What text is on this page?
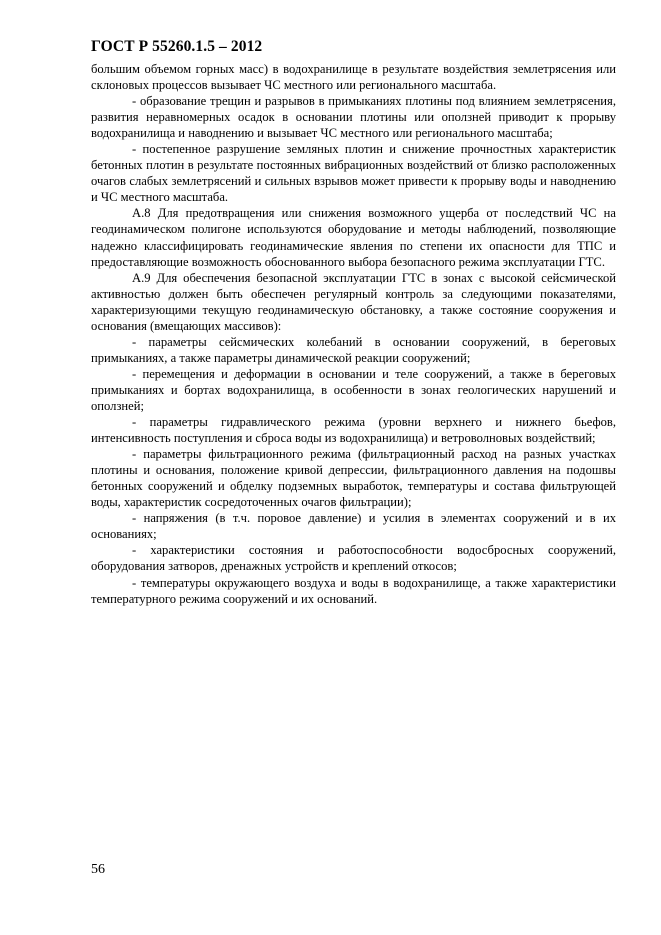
ГОСТ Р 55260.1.5 – 2012

большим объемом горных масс) в водохранилище в результате воздействия землетрясения или склоновых процессов вызывает ЧС местного или регионального масштаба.

- образование трещин и разрывов в примыканиях плотины под влиянием землетрясения, развития неравномерных осадок в основании плотины или оползней приводит к прорыву водохранилища и наводнению и вызывает ЧС местного или регионального масштаба;

- постепенное разрушение земляных плотин и снижение прочностных характеристик бетонных плотин в результате постоянных вибрационных воздействий от близко расположенных очагов слабых землетрясений и сильных взрывов может привести к прорыву воды и наводнению и ЧС местного масштаба.

А.8 Для предотвращения или снижения возможного ущерба от последствий ЧС на геодинамическом полигоне используются оборудование и методы наблюдений, позволяющие надежно классифицировать геодинамические явления по степени их опасности для ТПС и предоставляющие возможность обоснованного выбора безопасного режима эксплуатации ГТС.

А.9 Для обеспечения безопасной эксплуатации ГТС в зонах с высокой сейсмической активностью должен быть обеспечен регулярный контроль за следующими показателями, характеризующими текущую геодинамическую обстановку, а также состояние сооружения и основания (вмещающих массивов):

- параметры сейсмических колебаний в основании сооружений, в береговых примыканиях, а также параметры динамической реакции сооружений;

- перемещения и деформации в основании и теле сооружений, а также в береговых примыканиях и бортах водохранилища, в особенности в зонах геологических нарушений и оползней;

- параметры гидравлического режима (уровни верхнего и нижнего бьефов, интенсивность поступления и сброса воды из водохранилища) и ветроволновых воздействий;

- параметры фильтрационного режима (фильтрационный расход на разных участках плотины и основания, положение кривой депрессии, фильтрационного давления на подошвы бетонных сооружений и обделку подземных выработок, температуры и состава фильтрующей воды, характеристик сосредоточенных очагов фильтрации);

- напряжения (в т.ч. поровое давление) и усилия в элементах сооружений и в их основаниях;

- характеристики состояния и работоспособности водосбросных сооружений, оборудования затворов, дренажных устройств и креплений откосов;

- температуры окружающего воздуха и воды в водохранилище, а также характеристики температурного режима сооружений и их оснований.

56
